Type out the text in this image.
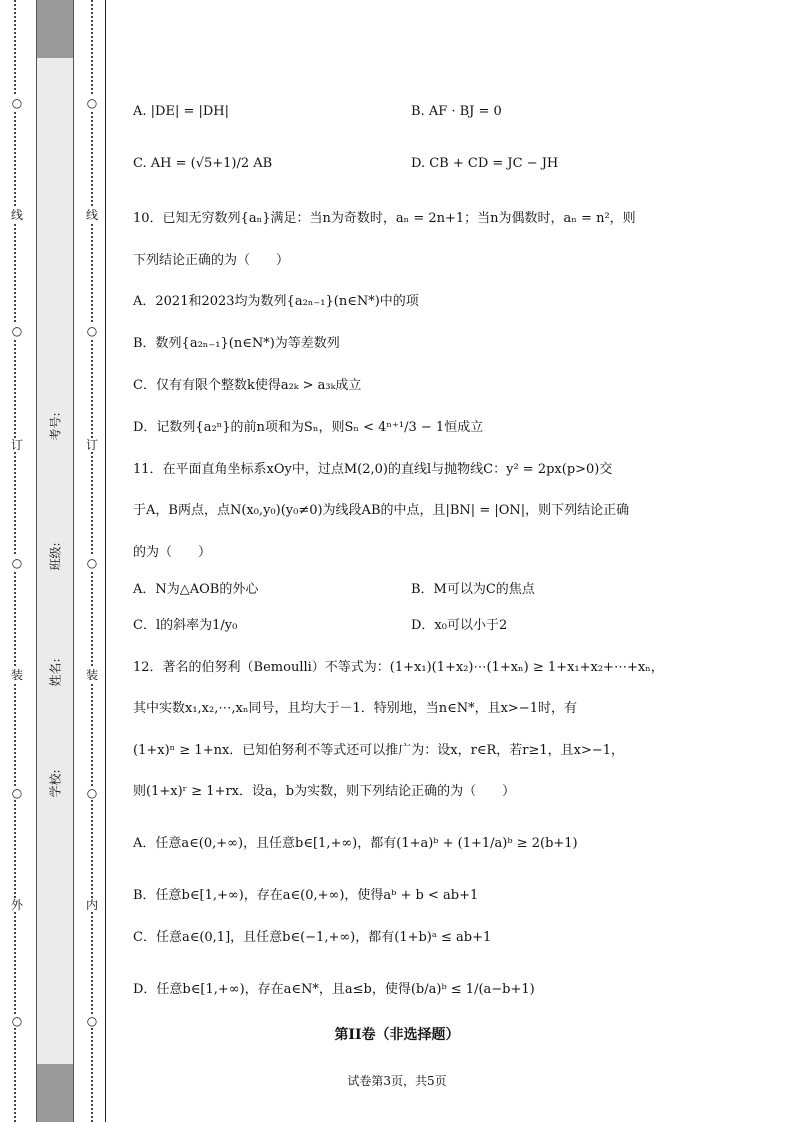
考号:
班级:
姓名:
学校:
○
线
○
订
○
装
○
外
○
○
线
○
订
○
装
○
内
○
A. |DE| = |DH|	B. AF · BJ = 0
C. AH = (√5+1)/2 AB	D. CB + CD = JC − JH
10．已知无穷数列{aₙ}满足：当n为奇数时，aₙ = 2n+1；当n为偶数时，aₙ = n²，则
下列结论正确的为（　　）
A．2021和2023均为数列{a₂ₙ₋₁}(n∈N*)中的项
B．数列{a₂ₙ₋₁}(n∈N*)为等差数列
C．仅有有限个整数k使得a₂ₖ > a₃ₖ成立
D．记数列{a₂ⁿ}的前n项和为Sₙ，则Sₙ < 4ⁿ⁺¹/3 − 1恒成立
11．在平面直角坐标系xOy中，过点M(2,0)的直线l与抛物线C：y² = 2px(p>0)交
于A，B两点，点N(x₀,y₀)(y₀≠0)为线段AB的中点，且|BN| = |ON|，则下列结论正确
的为（　　）
A．N为△AOB的外心	B．M可以为C的焦点
C．l的斜率为1/y₀	D．x₀可以小于2
12．著名的伯努利（Bemoulli）不等式为：(1+x₁)(1+x₂)⋯(1+xₙ) ≥ 1+x₁+x₂+⋯+xₙ，
其中实数x₁,x₂,⋯,xₙ同号，且均大于－1．特别地，当n∈N*，且x>−1时，有
(1+x)ⁿ ≥ 1+nx．已知伯努利不等式还可以推广为：设x，r∈R，若r≥1，且x>−1，
则(1+x)ʳ ≥ 1+rx．设a，b为实数，则下列结论正确的为（　　）
A．任意a∈(0,+∞)，且任意b∈[1,+∞)，都有(1+a)ᵇ + (1+1/a)ᵇ ≥ 2(b+1)
B．任意b∈[1,+∞)，存在a∈(0,+∞)，使得aᵇ + b < ab+1
C．任意a∈(0,1]，且任意b∈(−1,+∞)，都有(1+b)ᵃ ≤ ab+1
D．任意b∈[1,+∞)，存在a∈N*，且a≤b，使得(b/a)ᵇ ≤ 1/(a−b+1)
第II卷（非选择题）
试卷第3页，共5页
